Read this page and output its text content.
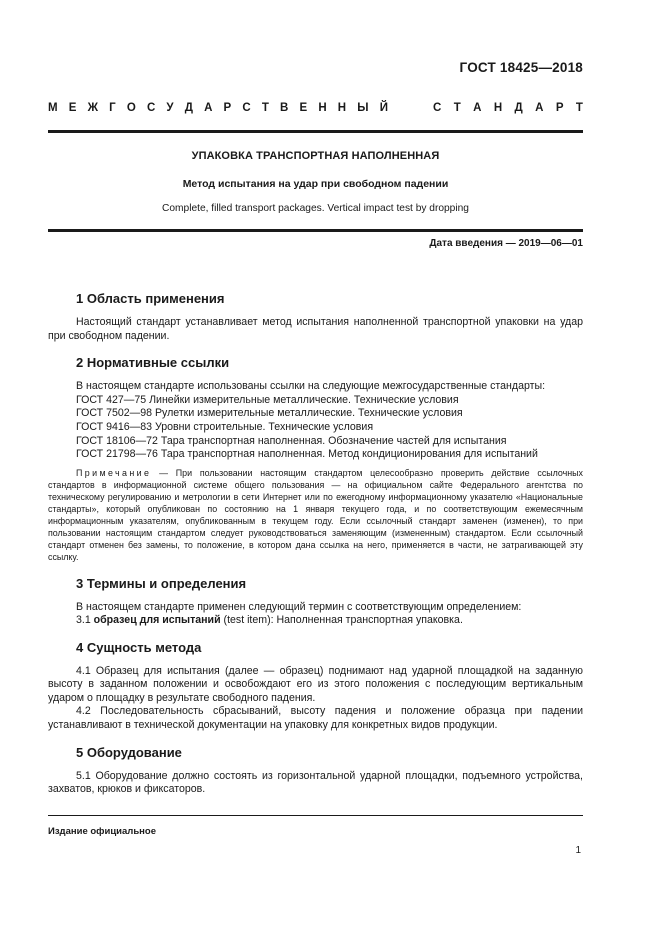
ГОСТ 18425—2018
М Е Ж Г О С У Д А Р С Т В Е Н Н Ы Й	С Т А Н Д А Р Т
УПАКОВКА ТРАНСПОРТНАЯ НАПОЛНЕННАЯ
Метод испытания на удар при свободном падении
Complete, filled transport packages. Vertical impact test by dropping
Дата введения — 2019—06—01
1 Область применения

Настоящий стандарт устанавливает метод испытания наполненной транспортной упаковки на удар при свободном падении.

2 Нормативные ссылки

В настоящем стандарте использованы ссылки на следующие межгосударственные стандарты:

ГОСТ 427—75 Линейки измерительные металлические. Технические условия
ГОСТ 7502—98 Рулетки измерительные металлические. Технические условия
ГОСТ 9416—83 Уровни строительные. Технические условия
ГОСТ 18106—72 Тара транспортная наполненная. Обозначение частей для испытания
ГОСТ 21798—76 Тара транспортная наполненная. Метод кондиционирования для испытаний

Примечание — При пользовании настоящим стандартом целесообразно проверить действие ссылочных стандартов в информационной системе общего пользования — на официальном сайте Федерального агентства по техническому регулированию и метрологии в сети Интернет или по ежегодному информационному указателю «Национальные стандарты», который опубликован по состоянию на 1 января текущего года, и по соответствующим ежемесячным информационным указателям, опубликованным в текущем году. Если ссылочный стандарт заменен (изменен), то при пользовании настоящим стандартом следует руководствоваться заменяющим (измененным) стандартом. Если ссылочный стандарт отменен без замены, то положение, в котором дана ссылка на него, применяется в части, не затрагивающей эту ссылку.

3 Термины и определения

В настоящем стандарте применен следующий термин с соответствующим определением:

3.1 образец для испытаний (test item): Наполненная транспортная упаковка.

4 Сущность метода

4.1 Образец для испытания (далее — образец) поднимают над ударной площадкой на заданную высоту в заданном положении и освобождают его из этого положения с последующим вертикальным ударом о площадку в результате свободного падения.

4.2 Последовательность сбрасываний, высоту падения и положение образца при падении устанавливают в технической документации на упаковку для конкретных видов продукции.

5 Оборудование

5.1 Оборудование должно состоять из горизонтальной ударной площадки, подъемного устройства, захватов, крюков и фиксаторов.

Издание официальное
1
